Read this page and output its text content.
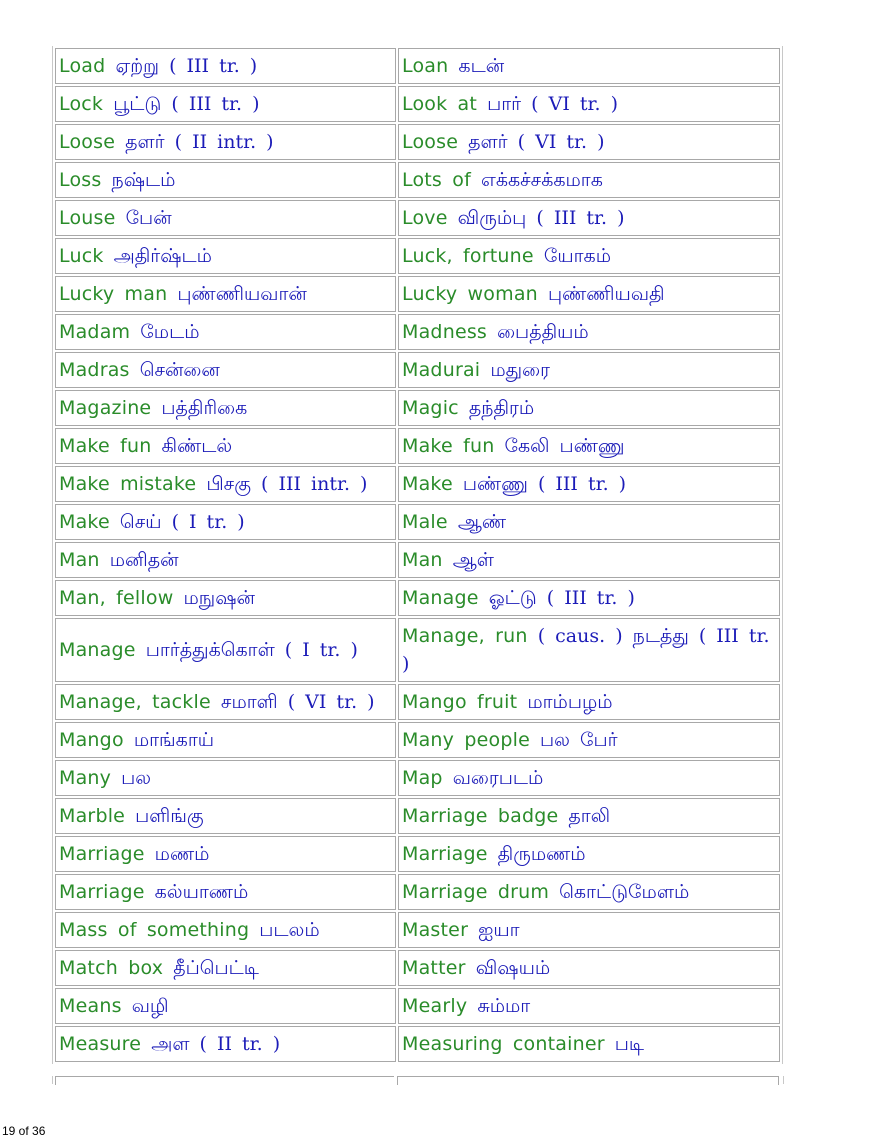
Load ஏற்று ( III tr. )	Loan கடன்
Lock பூட்டு ( III tr. )	Look at பார் ( VI tr. )
Loose தளர் ( II intr. )	Loose தளர் ( VI tr. )
Loss நஷ்டம்	Lots of எக்கச்சக்கமாக
Louse பேன்	Love விரும்பு ( III tr. )
Luck அதிர்ஷ்டம்	Luck, fortune யோகம்
Lucky man புண்ணியவான்	Lucky woman புண்ணியவதி
Madam மேடம்	Madness பைத்தியம்
Madras சென்னை	Madurai மதுரை
Magazine பத்திரிகை	Magic தந்திரம்
Make fun கிண்டல்	Make fun கேலி பண்ணு
Make mistake பிசகு ( III intr. )	Make பண்ணு ( III tr. )
Make செய் ( I tr. )	Male ஆண்
Man மனிதன்	Man ஆள்
Man, fellow மநுஷன்	Manage ஓட்டு ( III tr. )
Manage பார்த்துக்கொள் ( I tr. )	Manage, run ( caus. ) நடத்து ( III tr. )
Manage, tackle சமாளி ( VI tr. )	Mango fruit மாம்பழம்
Mango மாங்காய்	Many people பல பேர்
Many பல	Map வரைபடம்
Marble பளிங்கு	Marriage badge தாலி
Marriage மணம்	Marriage திருமணம்
Marriage கல்யாணம்	Marriage drum கொட்டுமேளம்
Mass of something படலம்	Master ஐயா
Match box தீப்பெட்டி	Matter விஷயம்
Means வழி	Mearly சும்மா
Measure அள ( II tr. )	Measuring container படி
19 of 36
